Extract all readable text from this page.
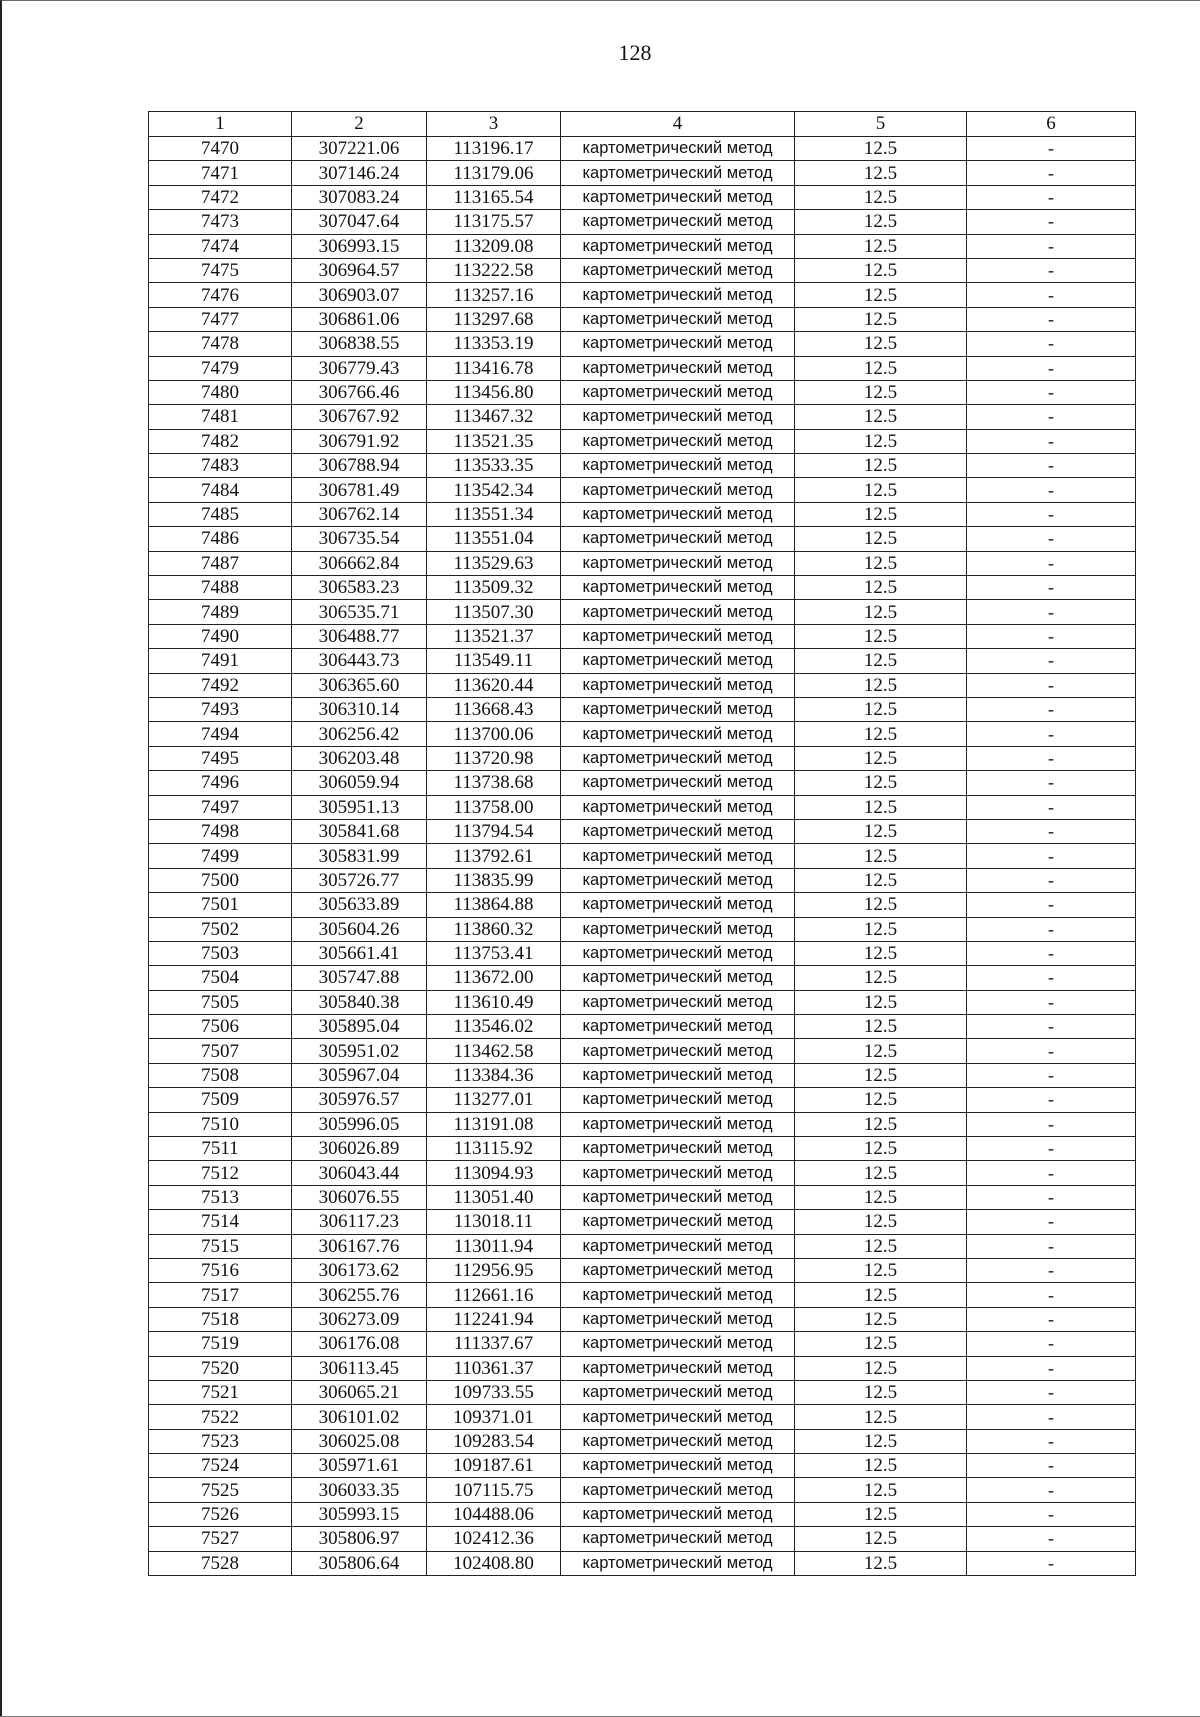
128
1	2	3	4	5	6
7470	307221.06	113196.17	картометрический метод	12.5	-
7471	307146.24	113179.06	картометрический метод	12.5	-
7472	307083.24	113165.54	картометрический метод	12.5	-
7473	307047.64	113175.57	картометрический метод	12.5	-
7474	306993.15	113209.08	картометрический метод	12.5	-
7475	306964.57	113222.58	картометрический метод	12.5	-
7476	306903.07	113257.16	картометрический метод	12.5	-
7477	306861.06	113297.68	картометрический метод	12.5	-
7478	306838.55	113353.19	картометрический метод	12.5	-
7479	306779.43	113416.78	картометрический метод	12.5	-
7480	306766.46	113456.80	картометрический метод	12.5	-
7481	306767.92	113467.32	картометрический метод	12.5	-
7482	306791.92	113521.35	картометрический метод	12.5	-
7483	306788.94	113533.35	картометрический метод	12.5	-
7484	306781.49	113542.34	картометрический метод	12.5	-
7485	306762.14	113551.34	картометрический метод	12.5	-
7486	306735.54	113551.04	картометрический метод	12.5	-
7487	306662.84	113529.63	картометрический метод	12.5	-
7488	306583.23	113509.32	картометрический метод	12.5	-
7489	306535.71	113507.30	картометрический метод	12.5	-
7490	306488.77	113521.37	картометрический метод	12.5	-
7491	306443.73	113549.11	картометрический метод	12.5	-
7492	306365.60	113620.44	картометрический метод	12.5	-
7493	306310.14	113668.43	картометрический метод	12.5	-
7494	306256.42	113700.06	картометрический метод	12.5	-
7495	306203.48	113720.98	картометрический метод	12.5	-
7496	306059.94	113738.68	картометрический метод	12.5	-
7497	305951.13	113758.00	картометрический метод	12.5	-
7498	305841.68	113794.54	картометрический метод	12.5	-
7499	305831.99	113792.61	картометрический метод	12.5	-
7500	305726.77	113835.99	картометрический метод	12.5	-
7501	305633.89	113864.88	картометрический метод	12.5	-
7502	305604.26	113860.32	картометрический метод	12.5	-
7503	305661.41	113753.41	картометрический метод	12.5	-
7504	305747.88	113672.00	картометрический метод	12.5	-
7505	305840.38	113610.49	картометрический метод	12.5	-
7506	305895.04	113546.02	картометрический метод	12.5	-
7507	305951.02	113462.58	картометрический метод	12.5	-
7508	305967.04	113384.36	картометрический метод	12.5	-
7509	305976.57	113277.01	картометрический метод	12.5	-
7510	305996.05	113191.08	картометрический метод	12.5	-
7511	306026.89	113115.92	картометрический метод	12.5	-
7512	306043.44	113094.93	картометрический метод	12.5	-
7513	306076.55	113051.40	картометрический метод	12.5	-
7514	306117.23	113018.11	картометрический метод	12.5	-
7515	306167.76	113011.94	картометрический метод	12.5	-
7516	306173.62	112956.95	картометрический метод	12.5	-
7517	306255.76	112661.16	картометрический метод	12.5	-
7518	306273.09	112241.94	картометрический метод	12.5	-
7519	306176.08	111337.67	картометрический метод	12.5	-
7520	306113.45	110361.37	картометрический метод	12.5	-
7521	306065.21	109733.55	картометрический метод	12.5	-
7522	306101.02	109371.01	картометрический метод	12.5	-
7523	306025.08	109283.54	картометрический метод	12.5	-
7524	305971.61	109187.61	картометрический метод	12.5	-
7525	306033.35	107115.75	картометрический метод	12.5	-
7526	305993.15	104488.06	картометрический метод	12.5	-
7527	305806.97	102412.36	картометрический метод	12.5	-
7528	305806.64	102408.80	картометрический метод	12.5	-
